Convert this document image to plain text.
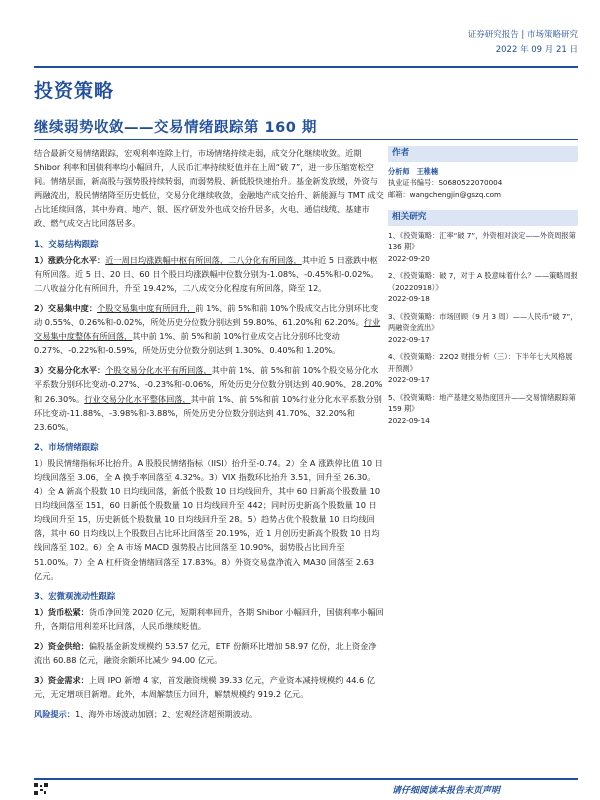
证券研究报告 | 市场策略研究
2022 年 09 月 21 日
投资策略
继续弱势收敛——交易情绪跟踪第 160 期

结合最新交易情绪跟踪，宏观利率连除上行，市场情绪持续走弱，成交分化继续收敛。近期 Shibor 利率和国债利率均小幅回升，人民币汇率持续贬值并在上周“破 7”，进一步压缩宽松空间。情绪层面，新高股与强势股持续转弱，而弱势股、新低股快速抬升。基金新发放缓，外资与两融流出，股民情绪降至历史低位，交易分化继续收敛，金融地产成交抬升、新能源与 TMT 成交占比延续回落，其中券商、地产、银、医疗研发外也成交抬升居多，火电、通信线缆、基建市政、燃气成交占比回落居多。

1、交易结构跟踪

1）涨跌分化水平：近一周日均涨跌幅中枢有所回落，二八分化有所回落，其中近 5 日涨跌中枢有所回落。近 5 日、20 日、60 日个股日均涨跌幅中位数分别为-1.08%、-0.45%和-0.02%。二八收益分化有所回升，升至 19.42%，二八成交分化程度有所回落，降至 12。

2）交易集中度：个股交易集中度有所回升，前 1%、前 5%和前 10%个股成交占比分别环比变动 0.55%、0.26%和-0.02%，所处历史分位数分别达到 59.80%、61.20%和 62.20%。行业交易集中度整体有所回落，其中前 1%、前 5%和前 10%行业成交占比分别环比变动 0.27%、-0.22%和-0.59%，所处历史分位数分别达到 1.30%、0.40%和 1.20%。

3）交易分化水平：个股交易分化水平有所回落，其中前 1%、前 5%和前 10%个股交易分化水平系数分别环比变动-0.27%、-0.23%和-0.06%，所处历史分位数分别达到 40.90%、28.20%和 26.30%。行业交易分化水平整体回落，其中前 1%、前 5%和前 10%行业分化水平系数分别环比变动-11.88%、-3.98%和-3.88%，所处历史分位数分别达到 41.70%、32.20%和 23.60%。

2、市场情绪跟踪

1）股民情绪指标环比抬升。A 股股民情绪指标（IISI）抬升至-0.74。2）全 A 涨跌停比值 10 日均线回落至 3.06，全 A 换手率回落至 4.32%。3）VIX 指数环比抬升 3.51，回升至 26.30。4）全 A 新高个股数 10 日均线回落，新低个股数 10 日均线回升，其中 60 日新高个股数量 10 日均线回落至 151，60 日新低个股数量 10 日均线回升至 442；同时历史新高个股数量 10 日均线回升至 15，历史新低个股数量 10 日均线回升至 28。5）趋势占优个股数量 10 日均线回落，其中 60 日均线以上个股数目占比环比回落至 20.19%，近 1 月创历史新高个股数 10 日均线回落至 102。6）全 A 市场 MACD 强势股占比回落至 10.90%，弱势股占比回升至 51.00%。7）全 A 杠杆资金情绪回落至 17.83%。8）外资交易盘净流入 MA30 回落至 2.63 亿元。

3、宏微观流动性跟踪

1）货币松紧：货币净回笼 2020 亿元，短期利率回升，各期 Shibor 小幅回升，国债利率小幅回升，各期信用利差环比回落，人民币继续贬值。

2）资金供给：偏股基金新发规模约 53.57 亿元，ETF 份额环比增加 58.97 亿份，北上资金净流出 60.88 亿元，融资余额环比减少 94.00 亿元。

3）资金需求：上周 IPO 新增 4 家，首发融资规模 39.33 亿元，产业资本减持规模约 44.6 亿元，无定增项目新增。此外，本周解禁压力回升，解禁规模约 919.2 亿元。

风险提示：1、海外市场波动加剧；2、宏观经济超预期波动。

作者
分析师 王稚楠
执业证书编号：S0680522070004
邮箱：wangchengjin@gszq.com
相关研究
1、《投资策略：汇率“破 7”，外资相对淡定——外资周报第 136 期》
2022-09-20
2、《投资策略：破 7，对于 A 股意味着什么？——策略周报（20220918）》
2022-09-18
3、《投资策略：市场回顾（9 月 3 周）——人民币“破 7”，两融资金流出》
2022-09-17
4、《投资策略：22Q2 财报分析（三）：下半年七大风格展开预测》
2022-09-17
5、《投资策略：地产基建交易热度回升——交易情绪跟踪第 159 期》
2022-09-14
请仔细阅读本报告末页声明
